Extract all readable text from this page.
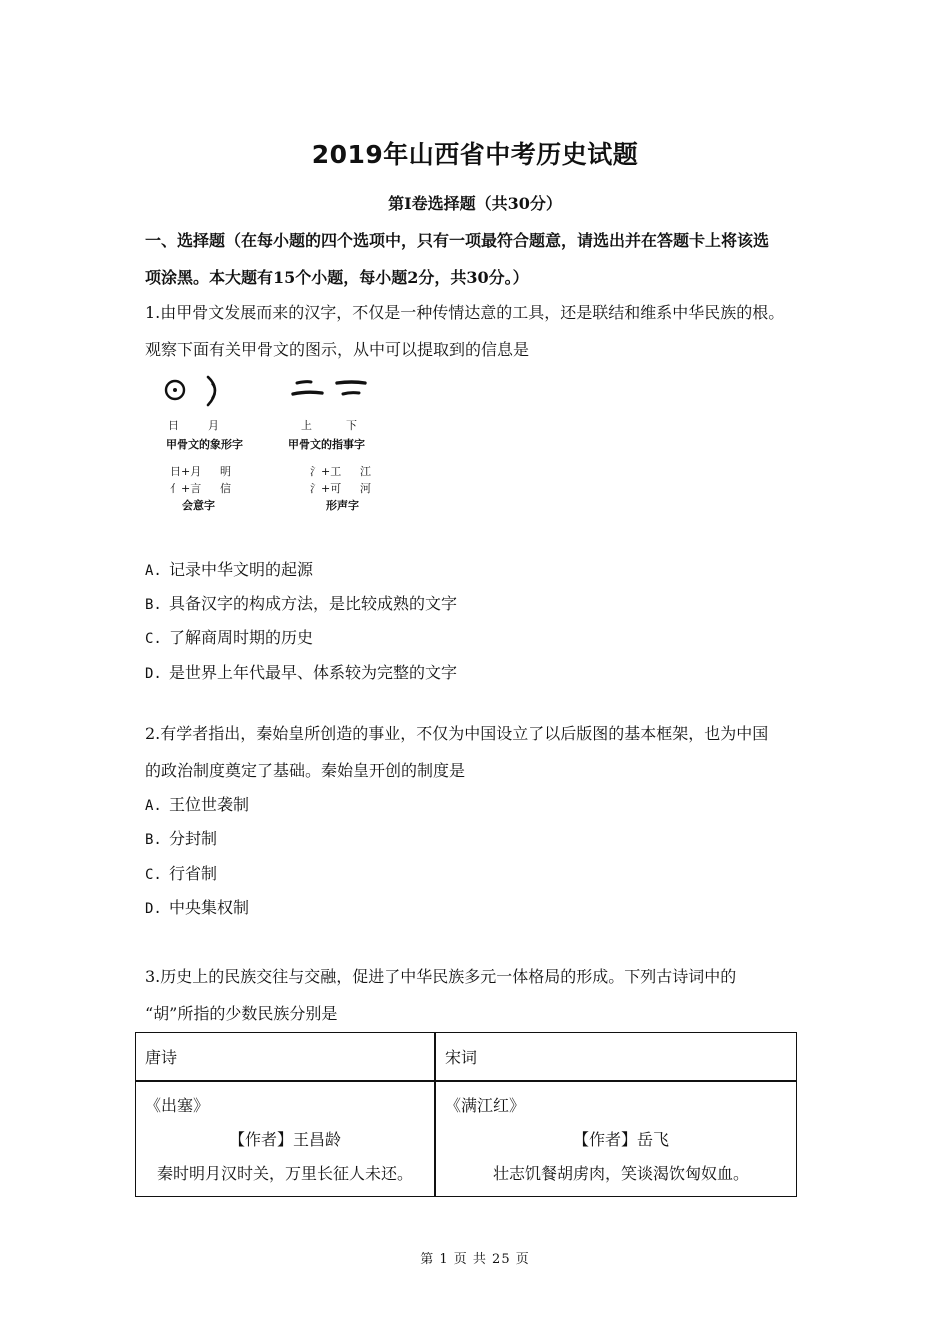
2019年山西省中考历史试题
第Ⅰ卷选择题（共30分）
一、选择题（在每小题的四个选项中，只有一项最符合题意，请选出并在答题卡上将该选
项涂黑。本大题有15个小题，每小题2分，共30分。）
1.由甲骨文发展而来的汉字，不仅是一种传情达意的工具，还是联结和维系中华民族的根。
观察下面有关甲骨文的图示，从中可以提取到的信息是
日	月
甲骨文的象形字
上	下
甲骨文的指事字
日+月 明
亻+言 信
会意字
氵+工 江
氵+可 河
形声字
A. 记录中华文明的起源
B. 具备汉字的构成方法，是比较成熟的文字
C. 了解商周时期的历史
D. 是世界上年代最早、体系较为完整的文字
2.有学者指出，秦始皇所创造的事业，不仅为中国设立了以后版图的基本框架，也为中国
的政治制度奠定了基础。秦始皇开创的制度是
A. 王位世袭制
B. 分封制
C. 行省制
D. 中央集权制
3.历史上的民族交往与交融，促进了中华民族多元一体格局的形成。下列古诗词中的
“胡”所指的少数民族分别是
唐诗	宋词
《出塞》
【作者】王昌龄
秦时明月汉时关，万里长征人未还。
《满江红》
【作者】岳飞
壮志饥餐胡虏肉，笑谈渴饮匈奴血。
第 1 页 共 25 页
